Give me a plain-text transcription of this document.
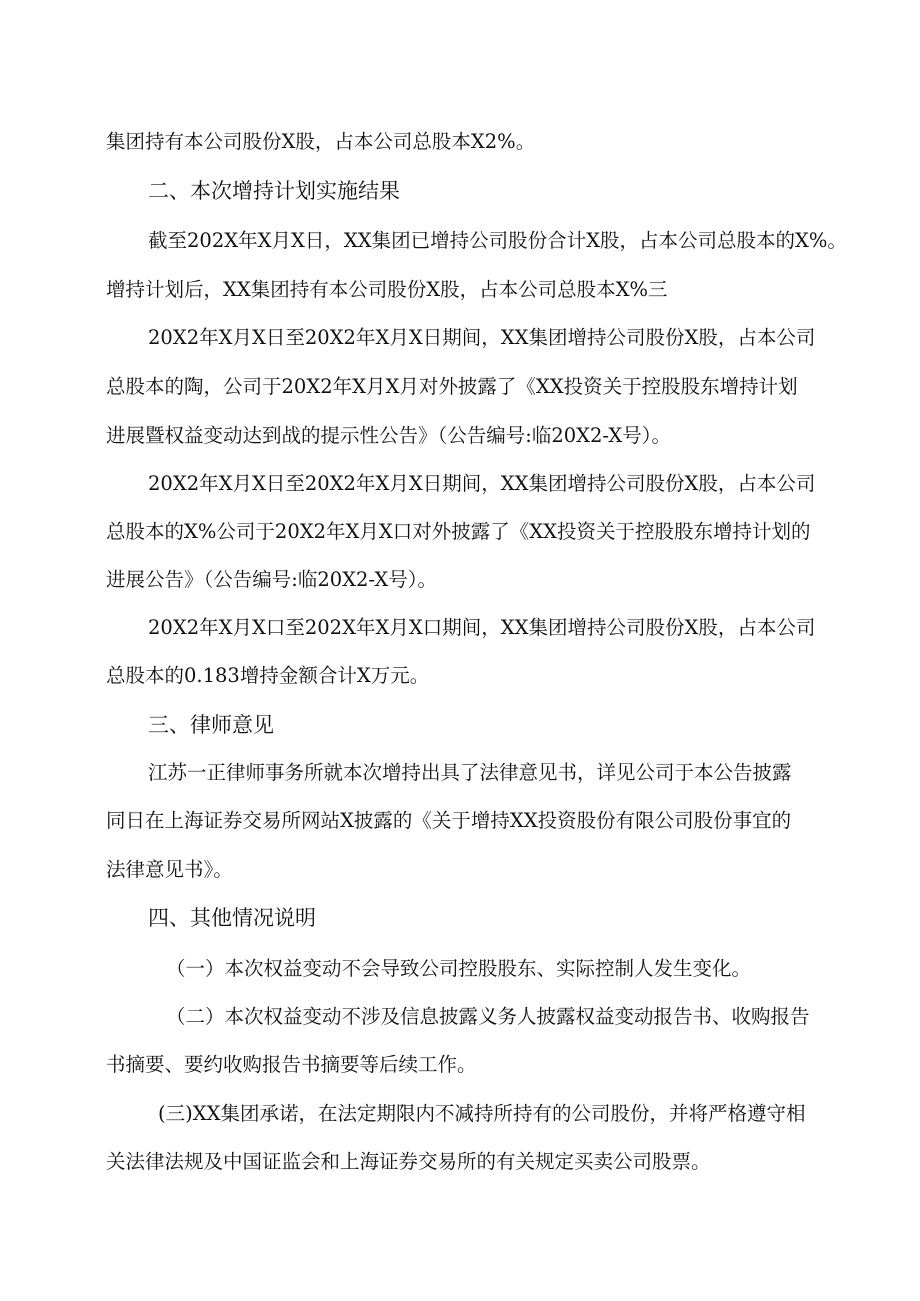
集团持有本公司股份X股，占本公司总股本X2%。
二、本次增持计划实施结果
截至202X年X月X日，XX集团已增持公司股份合计X股，占本公司总股本的X%。
增持计划后，XX集团持有本公司股份X股，占本公司总股本X%三
20X2年X月X日至20X2年X月X日期间，XX集团增持公司股份X股，占本公司
总股本的陶，公司于20X2年X月X月对外披露了《XX投资关于控股股东增持计划
进展暨权益变动达到战的提示性公告》（公告编号:临20X2-X号）。
20X2年X月X日至20X2年X月X日期间，XX集团增持公司股份X股，占本公司
总股本的X%公司于20X2年X月X口对外披露了《XX投资关于控股股东增持计划的
进展公告》（公告编号:临20X2-X号）。
20X2年X月X口至202X年X月X口期间，XX集团增持公司股份X股，占本公司
总股本的0.183增持金额合计X万元。
三、律师意见
江苏一正律师事务所就本次增持出具了法律意见书，详见公司于本公告披露
同日在上海证券交易所网站X披露的《关于增持XX投资股份有限公司股份事宜的
法律意见书》。
四、其他情况说明
（一）本次权益变动不会导致公司控股股东、实际控制人发生变化。
（二）本次权益变动不涉及信息披露义务人披露权益变动报告书、收购报告
书摘要、要约收购报告书摘要等后续工作。
(三)XX集团承诺，在法定期限内不减持所持有的公司股份，并将严格遵守相
关法律法规及中国证监会和上海证券交易所的有关规定买卖公司股票。
